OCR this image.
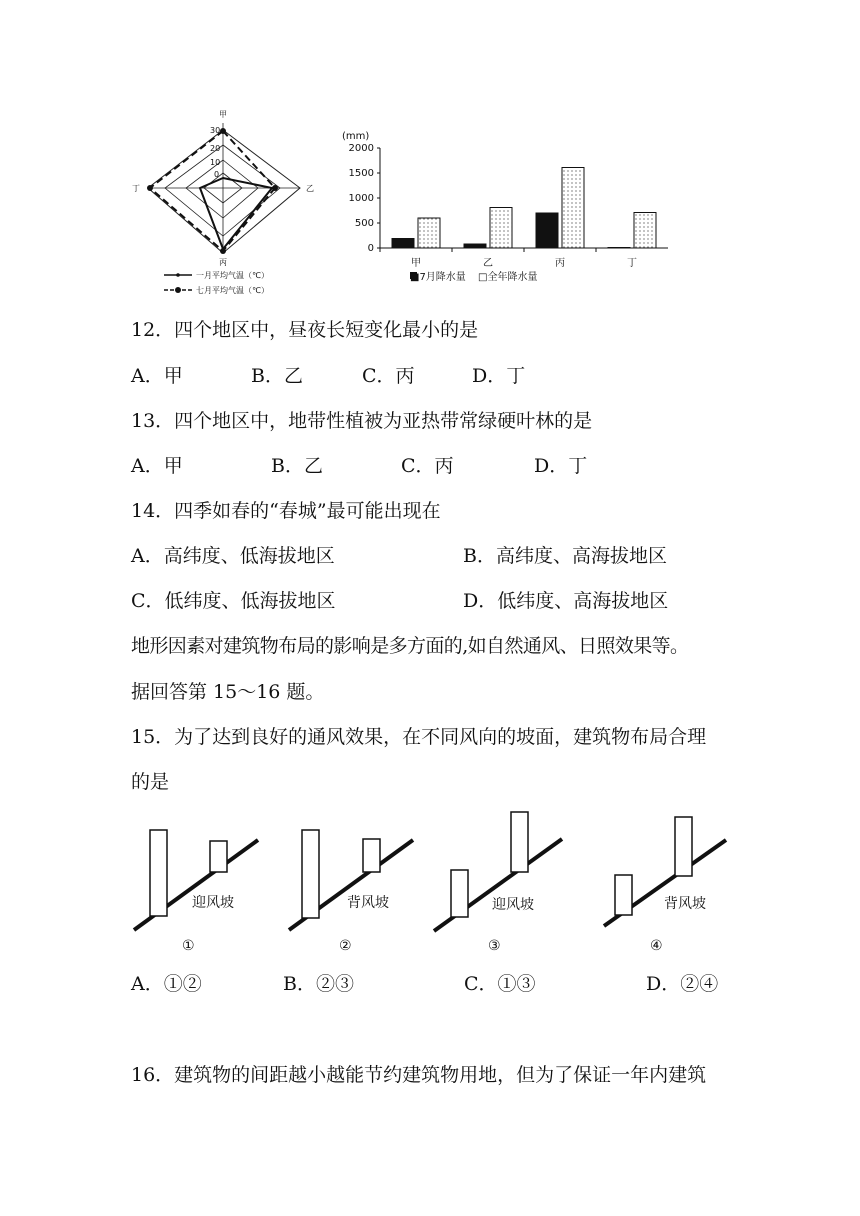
甲
乙
丙
丁
30
20
10
0
一月平均气温（℃）
七月平均气温（℃）
(mm)
2000
1500
1000
500
0
甲	乙	丙	丁
■7月降水量 □全年降水量
12．四个地区中，昼夜长短变化最小的是
A．甲	B．乙	C．丙	D．丁
13．四个地区中，地带性植被为亚热带常绿硬叶林的是
A．甲	B．乙	C．丙	D．丁
14．四季如春的“春城”最可能出现在
A．高纬度、低海拔地区	B．高纬度、高海拔地区
C．低纬度、低海拔地区	D．低纬度、高海拔地区
地形因素对建筑物布局的影响是多方面的,如自然通风、日照效果等。
据回答第 15～16 题。
15．为了达到良好的通风效果，在不同风向的坡面，建筑物布局合理
的是
迎风坡
①
背风坡
②
迎风坡
③
背风坡
④
A．①②	B．②③	C．①③	D．②④
16．建筑物的间距越小越能节约建筑物用地，但为了保证一年内建筑
